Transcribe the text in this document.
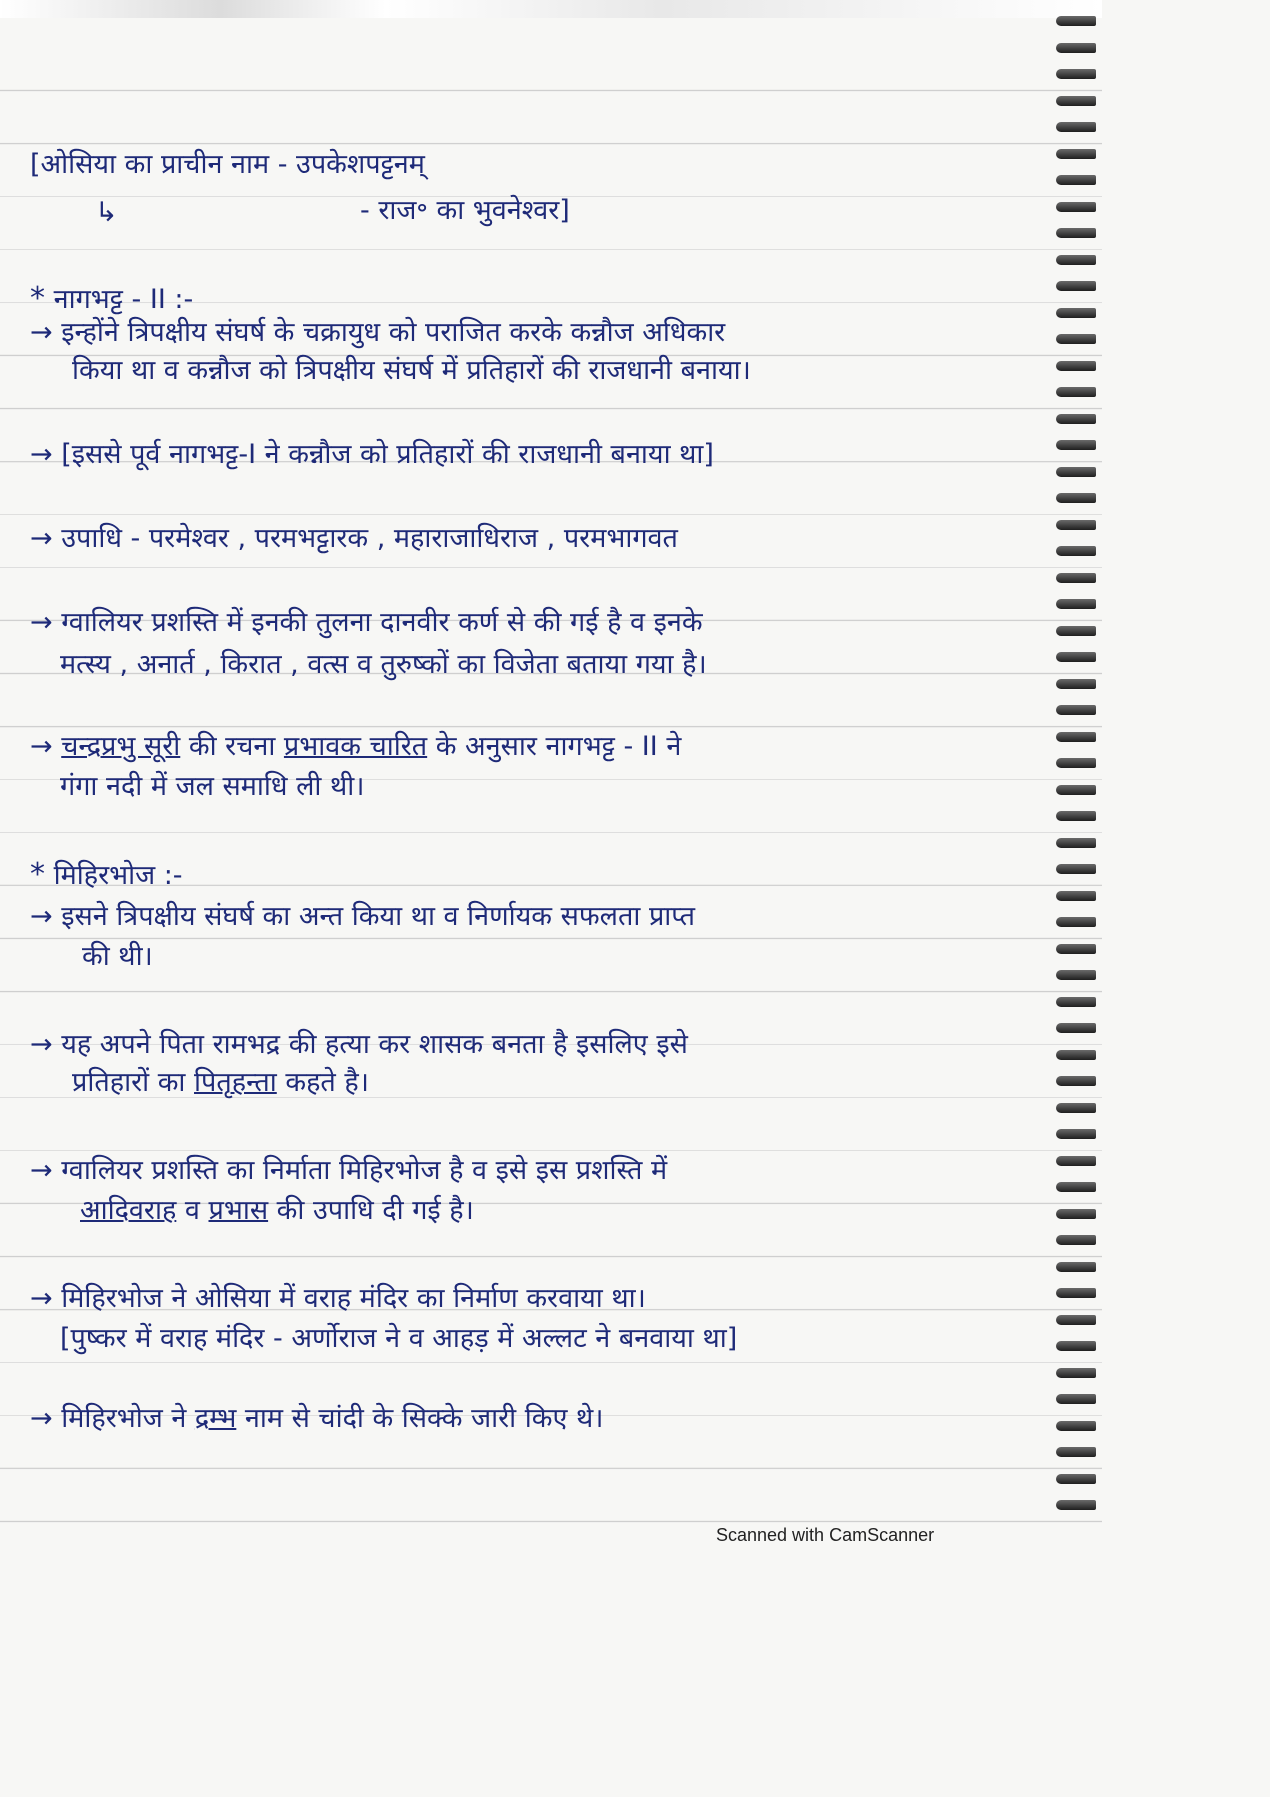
[ओसिया का प्राचीन नाम - उपकेशपट्टनम्
↳	- राज॰ का भुवनेश्वर]
* नागभट्ट - II :-
→ इन्होंने त्रिपक्षीय संघर्ष के चक्रायुध को पराजित करके कन्नौज अधिकार
किया था व कन्नौज को त्रिपक्षीय संघर्ष में प्रतिहारों की राजधानी बनाया।
→ [इससे पूर्व नागभट्ट-I ने कन्नौज को प्रतिहारों की राजधानी बनाया था]
→ उपाधि - परमेश्वर , परमभट्टारक , महाराजाधिराज , परमभागवत
→ ग्वालियर प्रशस्ति में इनकी तुलना दानवीर कर्ण से की गई है व इनके
मत्स्य , अनार्त , किरात , वत्स व तुरुष्कों का विजेता बताया गया है।
→ चन्द्रप्रभु सूरी की रचना प्रभावक चारित के अनुसार नागभट्ट - II ने
गंगा नदी में जल समाधि ली थी।
* मिहिरभोज :-
→ इसने त्रिपक्षीय संघर्ष का अन्त किया था व निर्णायक सफलता प्राप्त
की थी।
→ यह अपने पिता रामभद्र की हत्या कर शासक बनता है इसलिए इसे
प्रतिहारों का पितृहन्ता कहते है।
→ ग्वालियर प्रशस्ति का निर्माता मिहिरभोज है व इसे इस प्रशस्ति में
आदिवराह व प्रभास की उपाधि दी गई है।
→ मिहिरभोज ने ओसिया में वराह मंदिर का निर्माण करवाया था।
[पुष्कर में वराह मंदिर - अर्णोराज ने व आहड़ में अल्लट ने बनवाया था]
→ मिहिरभोज ने द्रम्भ नाम से चांदी के सिक्के जारी किए थे।
Scanned with CamScanner
